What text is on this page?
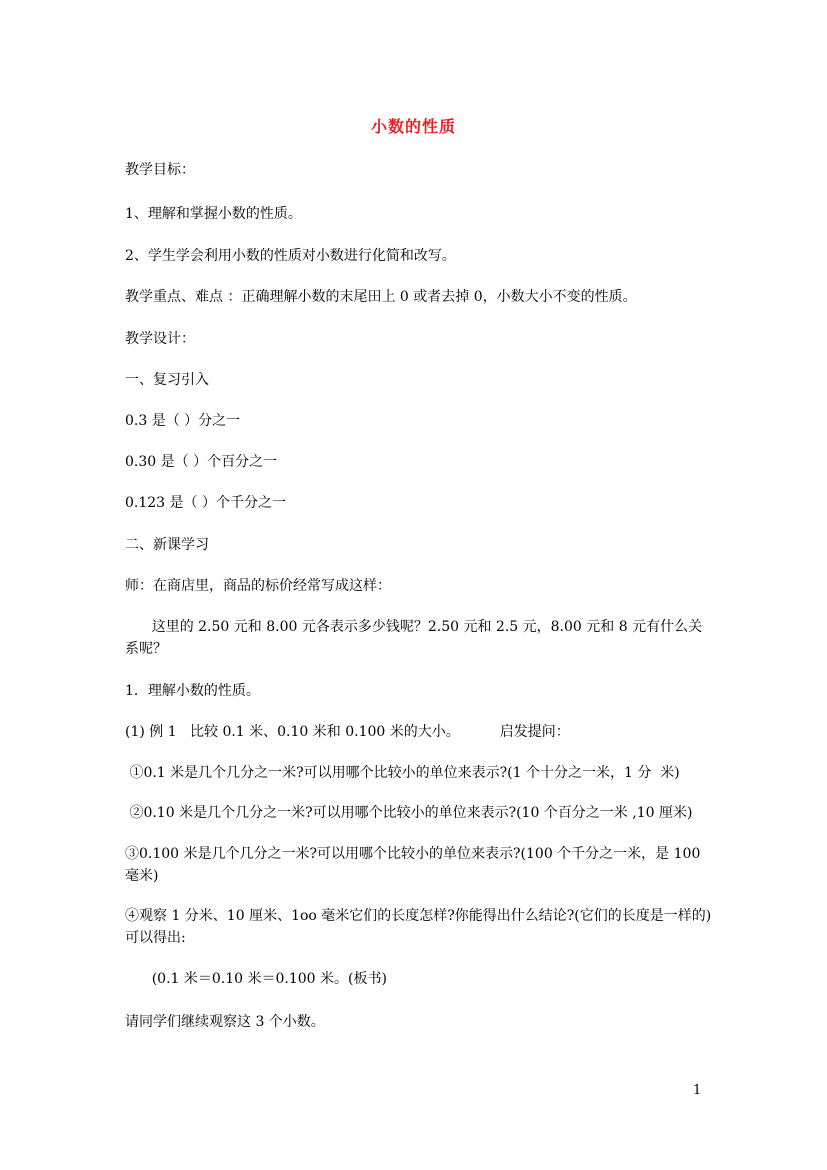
小数的性质
教学目标：
1、理解和掌握小数的性质。
2、学生学会利用小数的性质对小数进行化简和改写。
教学重点、难点 ：正确理解小数的末尾田上 0 或者去掉 0，小数大小不变的性质。
教学设计：
一、复习引入
0.3 是（ ）分之一
0.30 是（ ）个百分之一
0.123 是（ ）个千分之一
二、新课学习
师：在商店里，商品的标价经常写成这样：
这里的 2.50 元和 8.00 元各表示多少钱呢？2.50 元和 2.5 元，8.00 元和 8 元有什么关系呢？
1．理解小数的性质。
(1) 例 1   比较 0.1 米、0.10 米和 0.100 米的大小。         启发提问：
①0.1 米是几个几分之一米?可以用哪个比较小的单位来表示?(1 个十分之一米，1 分  米)
②0.10 米是几个几分之一米?可以用哪个比较小的单位来表示?(10 个百分之一米 ,10 厘米)
③0.100 米是几个几分之一米?可以用哪个比较小的单位来表示?(100 个千分之一米，是 100 毫米)
④观察 1 分米、10 厘米、1oo 毫米它们的长度怎样?你能得出什么结论?(它们的长度是一样的) 可以得出:
(0.1 米＝0.10 米＝0.100 米。(板书)
请同学们继续观察这 3 个小数。
1
